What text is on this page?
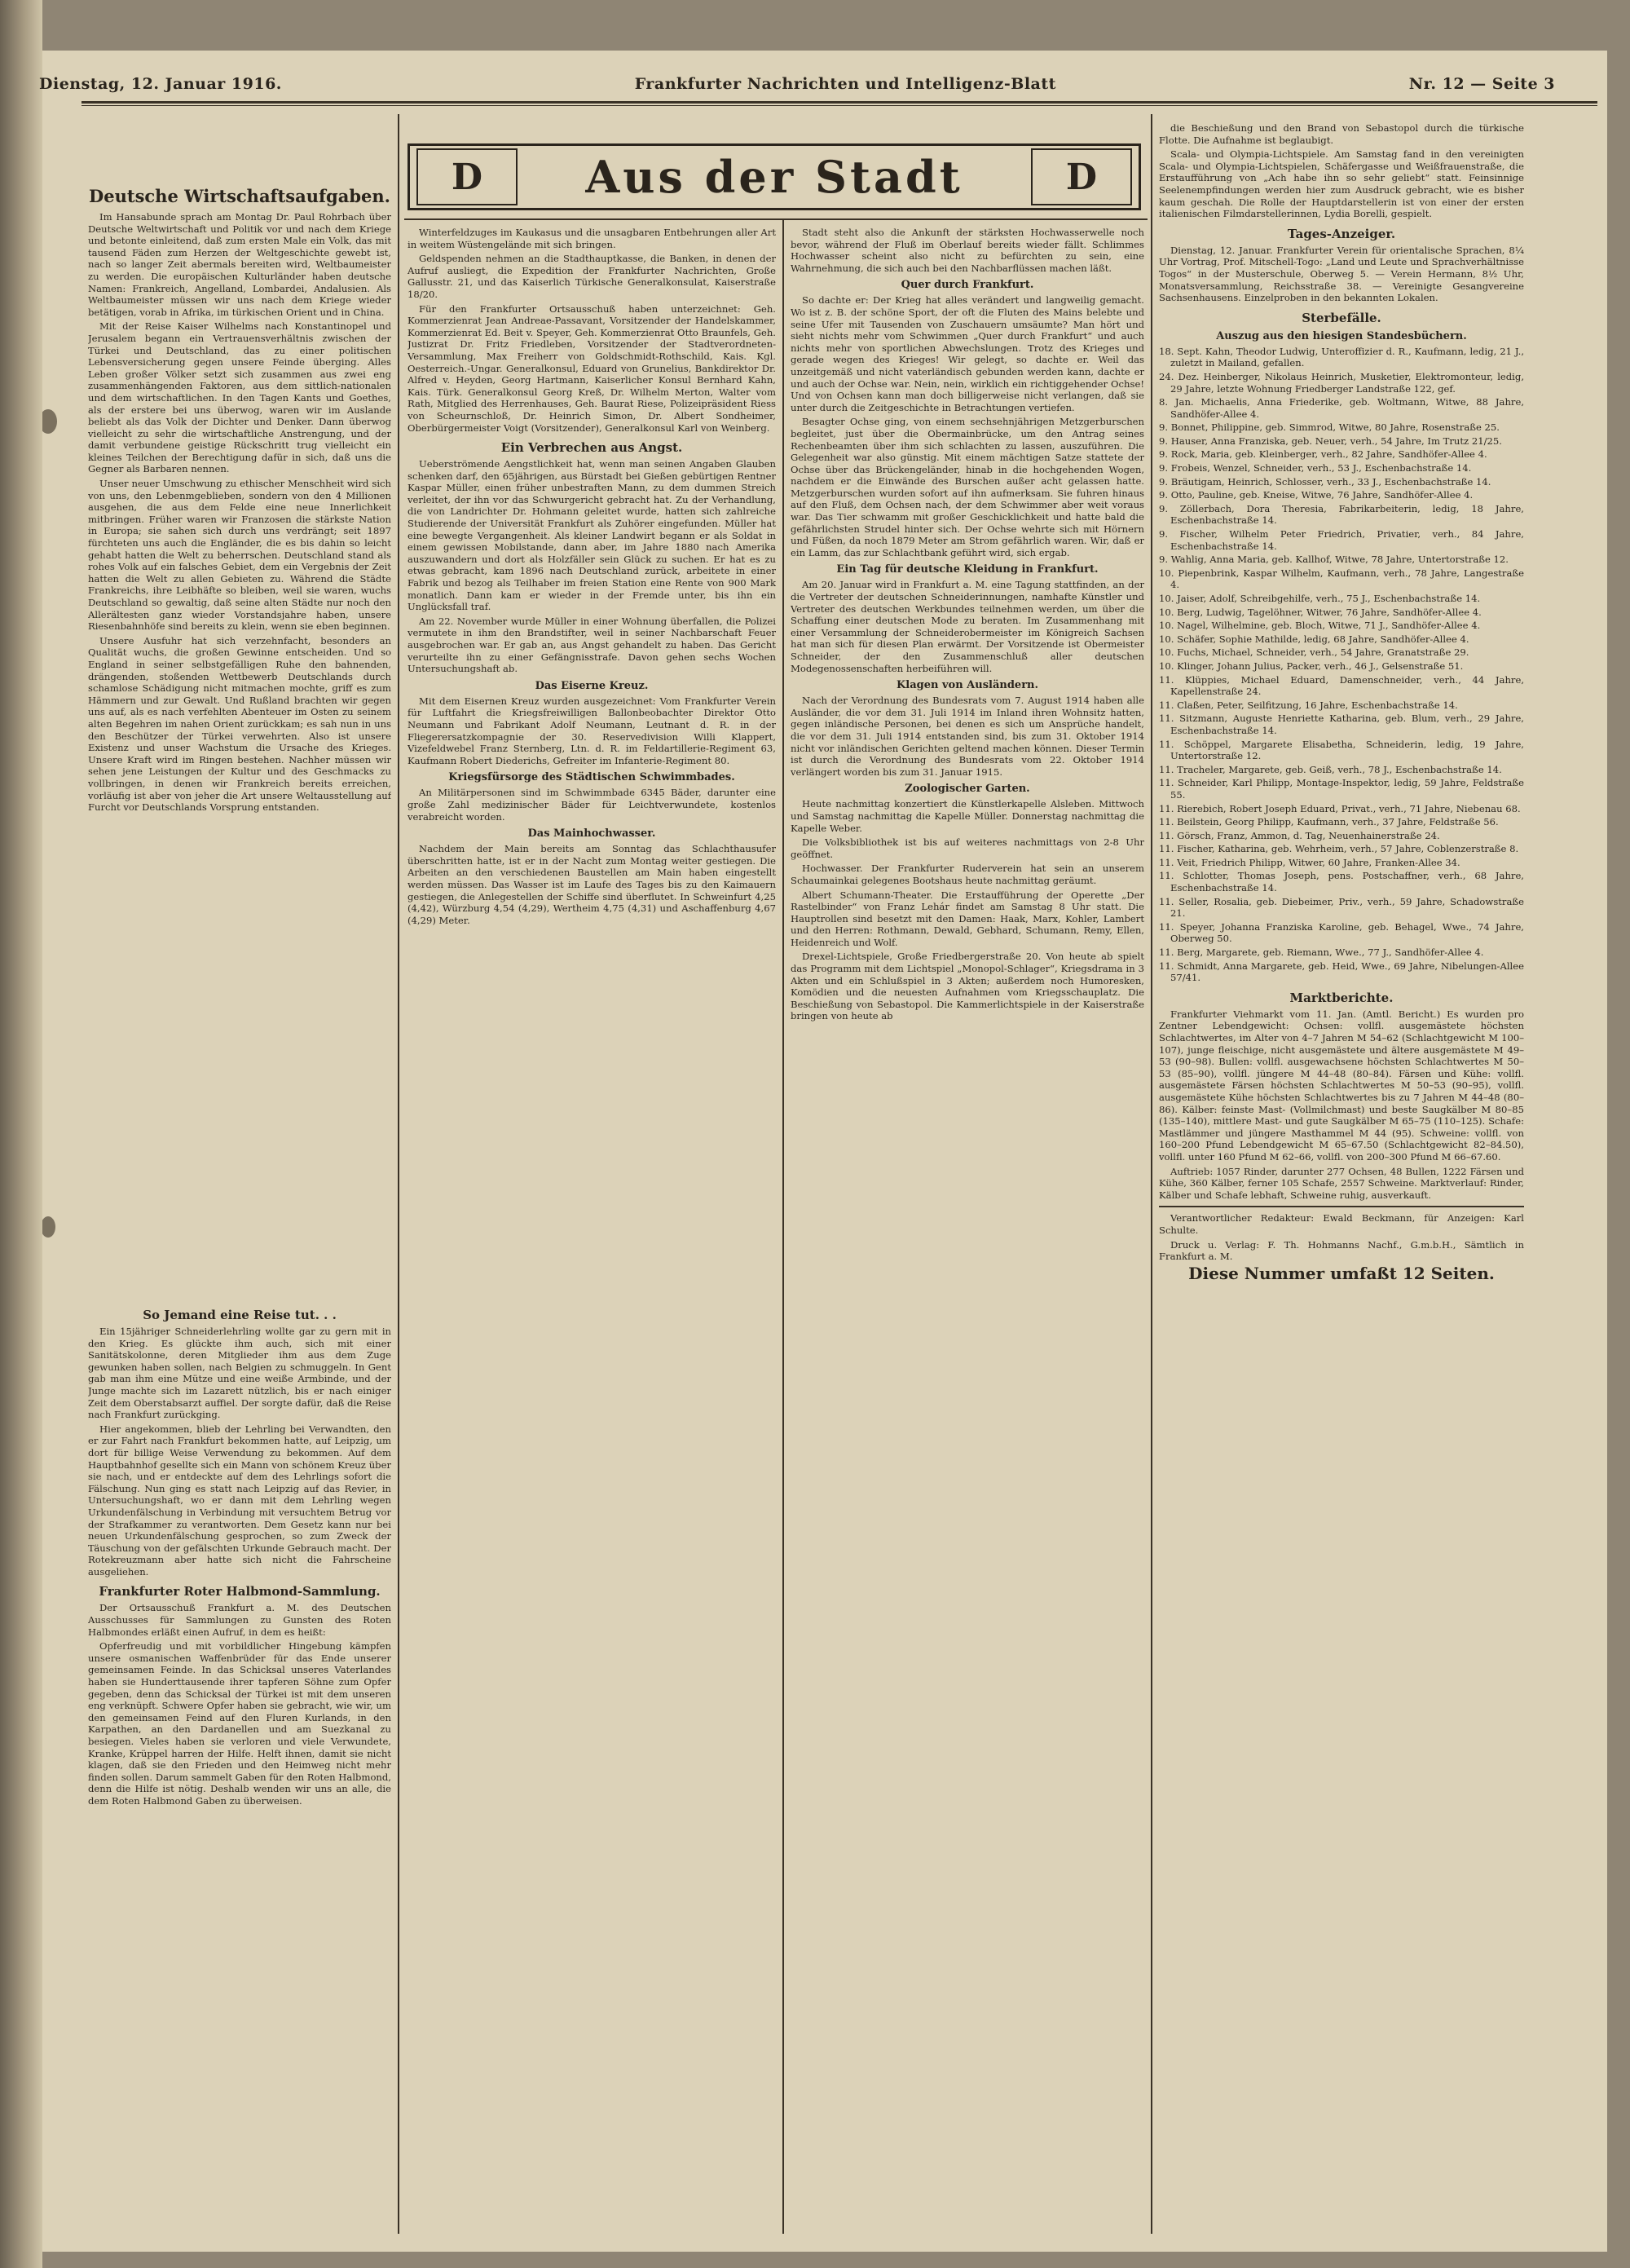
Dienstag, 12. Januar 1916.	Frankfurter Nachrichten und Intelligenz-Blatt	Nr. 12 — Seite 3
D	Aus der Stadt	D
Deutsche Wirtschaftsaufgaben.

Im Hansabunde sprach am Montag Dr. Paul Rohrbach über Deutsche Weltwirtschaft und Politik vor und nach dem Kriege und betonte einleitend, daß zum ersten Male ein Volk, das mit tausend Fäden zum Herzen der Weltgeschichte gewebt ist, nach so langer Zeit abermals bereiten wird, Weltbaumeister zu werden. Die europäischen Kulturländer haben deutsche Namen: Frankreich, Angelland, Lombardei, Andalusien. Als Weltbaumeister müssen wir uns nach dem Kriege wieder betätigen, vorab in Afrika, im türkischen Orient und in China.

Mit der Reise Kaiser Wilhelms nach Konstantinopel und Jerusalem begann ein Vertrauensverhältnis zwischen der Türkei und Deutschland, das zu einer politischen Lebensversicherung gegen unsere Feinde überging. Alles Leben großer Völker setzt sich zusammen aus zwei eng zusammenhängenden Faktoren, aus dem sittlich-nationalen und dem wirtschaftlichen. In den Tagen Kants und Goethes, als der erstere bei uns überwog, waren wir im Auslande beliebt als das Volk der Dichter und Denker. Dann überwog vielleicht zu sehr die wirtschaftliche Anstrengung, und der damit verbundene geistige Rückschritt trug vielleicht ein kleines Teilchen der Berechtigung dafür in sich, daß uns die Gegner als Barbaren nennen.

Unser neuer Umschwung zu ethischer Menschheit wird sich von uns, den Lebenmgeblieben, sondern von den 4 Millionen ausgehen, die aus dem Felde eine neue Innerlichkeit mitbringen. Früher waren wir Franzosen die stärkste Nation in Europa; sie sahen sich durch uns verdrängt; seit 1897 fürchteten uns auch die Engländer, die es bis dahin so leicht gehabt hatten die Welt zu beherrschen. Deutschland stand als rohes Volk auf ein falsches Gebiet, dem ein Vergebnis der Zeit hatten die Welt zu allen Gebieten zu. Während die Städte Frankreichs, ihre Leibhäfte so bleiben, weil sie waren, wuchs Deutschland so gewaltig, daß seine alten Städte nur noch den Allerältesten ganz wieder Vorstandsjahre haben, unsere Riesenbahnhöfe sind bereits zu klein, wenn sie eben beginnen.

Unsere Ausfuhr hat sich verzehnfacht, besonders an Qualität wuchs, die großen Gewinne entscheiden. Und so England in seiner selbstgefälligen Ruhe den bahnenden, drängenden, stoßenden Wettbewerb Deutschlands durch schamlose Schädigung nicht mitmachen mochte, griff es zum Hämmern und zur Gewalt. Und Rußland brachten wir gegen uns auf, als es nach verfehlten Abenteuer im Osten zu seinem alten Begehren im nahen Orient zurückkam; es sah nun in uns den Beschützer der Türkei verwehrten. Also ist unsere Existenz und unser Wachstum die Ursache des Krieges. Unsere Kraft wird im Ringen bestehen. Nachher müssen wir sehen jene Leistungen der Kultur und des Geschmacks zu vollbringen, in denen wir Frankreich bereits erreichen, vorläufig ist aber von jeher die Art unsere Weltausstellung auf Furcht vor Deutschlands Vorsprung entstanden.

So Jemand eine Reise tut. . .

Ein 15jähriger Schneiderlehrling wollte gar zu gern mit in den Krieg. Es glückte ihm auch, sich mit einer Sanitätskolonne, deren Mitglieder ihm aus dem Zuge gewunken haben sollen, nach Belgien zu schmuggeln. In Gent gab man ihm eine Mütze und eine weiße Armbinde, und der Junge machte sich im Lazarett nützlich, bis er nach einiger Zeit dem Oberstabsarzt auffiel. Der sorgte dafür, daß die Reise nach Frankfurt zurückging.

Hier angekommen, blieb der Lehrling bei Verwandten, den er zur Fahrt nach Frankfurt bekommen hatte, auf Leipzig, um dort für billige Weise Verwendung zu bekommen. Auf dem Hauptbahnhof gesellte sich ein Mann von schönem Kreuz über sie nach, und er entdeckte auf dem des Lehrlings sofort die Fälschung. Nun ging es statt nach Leipzig auf das Revier, in Untersuchungshaft, wo er dann mit dem Lehrling wegen Urkundenfälschung in Verbindung mit versuchtem Betrug vor der Strafkammer zu verantworten. Dem Gesetz kann nur bei neuen Urkundenfälschung gesprochen, so zum Zweck der Täuschung von der gefälschten Urkunde Gebrauch macht. Der Rotekreuzmann aber hatte sich nicht die Fahrscheine ausgeliehen.

Frankfurter Roter Halbmond-Sammlung.

Der Ortsausschuß Frankfurt a. M. des Deutschen Ausschusses für Sammlungen zu Gunsten des Roten Halbmondes erläßt einen Aufruf, in dem es heißt:

Opferfreudig und mit vorbildlicher Hingebung kämpfen unsere osmanischen Waffenbrüder für das Ende unserer gemeinsamen Feinde. In das Schicksal unseres Vaterlandes haben sie Hunderttausende ihrer tapferen Söhne zum Opfer gegeben, denn das Schicksal der Türkei ist mit dem unseren eng verknüpft. Schwere Opfer haben sie gebracht, wie wir, um den gemeinsamen Feind auf den Fluren Kurlands, in den Karpathen, an den Dardanellen und am Suezkanal zu besiegen. Vieles haben sie verloren und viele Verwundete, Kranke, Krüppel harren der Hilfe. Helft ihnen, damit sie nicht klagen, daß sie den Frieden und den Heimweg nicht mehr finden sollen. Darum sammelt Gaben für den Roten Halbmond, denn die Hilfe ist nötig. Deshalb wenden wir uns an alle, die dem Roten Halbmond Gaben zu überweisen.

Winterfeldzuges im Kaukasus und die unsagbaren Entbehrungen aller Art in weitem Wüstengelände mit sich bringen.

Geldspenden nehmen an die Stadthauptkasse, die Banken, in denen der Aufruf ausliegt, die Expedition der Frankfurter Nachrichten, Große Gallusstr. 21, und das Kaiserlich Türkische Generalkonsulat, Kaiserstraße 18/20.

Für den Frankfurter Ortsausschuß haben unterzeichnet: Geh. Kommerzienrat Jean Andreae-Passavant, Vorsitzender der Handelskammer, Kommerzienrat Ed. Beit v. Speyer, Geh. Kommerzienrat Otto Braunfels, Geh. Justizrat Dr. Fritz Friedleben, Vorsitzender der Stadtverordneten-Versammlung, Max Freiherr von Goldschmidt-Rothschild, Kais. Kgl. Oesterreich.-Ungar. Generalkonsul, Eduard von Grunelius, Bankdirektor Dr. Alfred v. Heyden, Georg Hartmann, Kaiserlicher Konsul Bernhard Kahn, Kais. Türk. Generalkonsul Georg Kreß, Dr. Wilhelm Merton, Walter vom Rath, Mitglied des Herrenhauses, Geh. Baurat Riese, Polizeipräsident Riess von Scheurnschloß, Dr. Heinrich Simon, Dr. Albert Sondheimer, Oberbürgermeister Voigt (Vorsitzender), Generalkonsul Karl von Weinberg.

Ein Verbrechen aus Angst.

Ueberströmende Aengstlichkeit hat, wenn man seinen Angaben Glauben schenken darf, den 65jährigen, aus Bürstadt bei Gießen gebürtigen Rentner Kaspar Müller, einen früher unbestraften Mann, zu dem dummen Streich verleitet, der ihn vor das Schwurgericht gebracht hat. Zu der Verhandlung, die von Landrichter Dr. Hohmann geleitet wurde, hatten sich zahlreiche Studierende der Universität Frankfurt als Zuhörer eingefunden. Müller hat eine bewegte Vergangenheit. Als kleiner Landwirt begann er als Soldat in einem gewissen Mobilstande, dann aber, im Jahre 1880 nach Amerika auszuwandern und dort als Holzfäller sein Glück zu suchen. Er hat es zu etwas gebracht, kam 1896 nach Deutschland zurück, arbeitete in einer Fabrik und bezog als Teilhaber im freien Station eine Rente von 900 Mark monatlich. Dann kam er wieder in der Fremde unter, bis ihn ein Unglücksfall traf.

Am 22. November wurde Müller in einer Wohnung überfallen, die Polizei vermutete in ihm den Brandstifter, weil in seiner Nachbarschaft Feuer ausgebrochen war. Er gab an, aus Angst gehandelt zu haben. Das Gericht verurteilte ihn zu einer Gefängnisstrafe. Davon gehen sechs Wochen Untersuchungshaft ab.

Das Eiserne Kreuz.

Mit dem Eisernen Kreuz wurden ausgezeichnet: Vom Frankfurter Verein für Luftfahrt die Kriegsfreiwilligen Ballonbeobachter Direktor Otto Neumann und Fabrikant Adolf Neumann, Leutnant d. R. in der Fliegerersatzkompagnie der 30. Reservedivision Willi Klappert, Vizefeldwebel Franz Sternberg, Ltn. d. R. im Feldartillerie-Regiment 63, Kaufmann Robert Diederichs, Gefreiter im Infanterie-Regiment 80.

Kriegsfürsorge des Städtischen Schwimmbades.

An Militärpersonen sind im Schwimmbade 6345 Bäder, darunter eine große Zahl medizinischer Bäder für Leichtverwundete, kostenlos verabreicht worden.

Das Mainhochwasser.

Nachdem der Main bereits am Sonntag das Schlachthausufer überschritten hatte, ist er in der Nacht zum Montag weiter gestiegen. Die Arbeiten an den verschiedenen Baustellen am Main haben eingestellt werden müssen. Das Wasser ist im Laufe des Tages bis zu den Kaimauern gestiegen, die Anlegestellen der Schiffe sind überflutet. In Schweinfurt 4,25 (4,42), Würzburg 4,54 (4,29), Wertheim 4,75 (4,31) und Aschaffenburg 4,67 (4,29) Meter.

Stadt steht also die Ankunft der stärksten Hochwasserwelle noch bevor, während der Fluß im Oberlauf bereits wieder fällt. Schlimmes Hochwasser scheint also nicht zu befürchten zu sein, eine Wahrnehmung, die sich auch bei den Nachbarflüssen machen läßt.

Quer durch Frankfurt.

So dachte er: Der Krieg hat alles verändert und langweilig gemacht. Wo ist z. B. der schöne Sport, der oft die Fluten des Mains belebte und seine Ufer mit Tausenden von Zuschauern umsäumte? Man hört und sieht nichts mehr vom Schwimmen „Quer durch Frankfurt“ und auch nichts mehr von sportlichen Abwechslungen. Trotz des Krieges und gerade wegen des Krieges! Wir gelegt, so dachte er. Weil das unzeitgemäß und nicht vaterländisch gebunden werden kann, dachte er und auch der Ochse war. Nein, nein, wirklich ein richtiggehender Ochse! Und von Ochsen kann man doch billigerweise nicht verlangen, daß sie unter durch die Zeitgeschichte in Betrachtungen vertiefen.

Besagter Ochse ging, von einem sechsehnjährigen Metzgerburschen begleitet, just über die Obermainbrücke, um den Antrag seines Rechenbeamten über ihm sich schlachten zu lassen, auszuführen. Die Gelegenheit war also günstig. Mit einem mächtigen Satze stattete der Ochse über das Brückengeländer, hinab in die hochgehenden Wogen, nachdem er die Einwände des Burschen außer acht gelassen hatte. Metzgerburschen wurden sofort auf ihn aufmerksam. Sie fuhren hinaus auf den Fluß, dem Ochsen nach, der dem Schwimmer aber weit voraus war. Das Tier schwamm mit großer Geschicklichkeit und hatte bald die gefährlichsten Strudel hinter sich. Der Ochse wehrte sich mit Hörnern und Füßen, da noch 1879 Meter am Strom gefährlich waren. Wir, daß er ein Lamm, das zur Schlachtbank geführt wird, sich ergab.

Ein Tag für deutsche Kleidung in Frankfurt.

Am 20. Januar wird in Frankfurt a. M. eine Tagung stattfinden, an der die Vertreter der deutschen Schneiderinnungen, namhafte Künstler und Vertreter des deutschen Werkbundes teilnehmen werden, um über die Schaffung einer deutschen Mode zu beraten. Im Zusammenhang mit einer Versammlung der Schneiderobermeister im Königreich Sachsen hat man sich für diesen Plan erwärmt. Der Vorsitzende ist Obermeister Schneider, der den Zusammenschluß aller deutschen Modegenossenschaften herbeiführen will.

Klagen von Ausländern.

Nach der Verordnung des Bundesrats vom 7. August 1914 haben alle Ausländer, die vor dem 31. Juli 1914 im Inland ihren Wohnsitz hatten, gegen inländische Personen, bei denen es sich um Ansprüche handelt, die vor dem 31. Juli 1914 entstanden sind, bis zum 31. Oktober 1914 nicht vor inländischen Gerichten geltend machen können. Dieser Termin ist durch die Verordnung des Bundesrats vom 22. Oktober 1914 verlängert worden bis zum 31. Januar 1915.

Zoologischer Garten.

Heute nachmittag konzertiert die Künstlerkapelle Alsleben. Mittwoch und Samstag nachmittag die Kapelle Müller. Donnerstag nachmittag die Kapelle Weber.

Die Volksbibliothek ist bis auf weiteres nachmittags von 2-8 Uhr geöffnet.

Hochwasser. Der Frankfurter Ruderverein hat sein an unserem Schaumainkai gelegenes Bootshaus heute nachmittag geräumt.

Albert Schumann-Theater. Die Erstaufführung der Operette „Der Rastelbinder“ von Franz Lehár findet am Samstag 8 Uhr statt. Die Hauptrollen sind besetzt mit den Damen: Haak, Marx, Kohler, Lambert und den Herren: Rothmann, Dewald, Gebhard, Schumann, Remy, Ellen, Heidenreich und Wolf.

Drexel-Lichtspiele, Große Friedbergerstraße 20. Von heute ab spielt das Programm mit dem Lichtspiel „Monopol-Schlager“, Kriegsdrama in 3 Akten und ein Schlußspiel in 3 Akten; außerdem noch Humoresken, Komödien und die neuesten Aufnahmen vom Kriegsschauplatz. Die Beschießung von Sebastopol. Die Kammerlichtspiele in der Kaiserstraße bringen von heute ab

die Beschießung und den Brand von Sebastopol durch die türkische Flotte. Die Aufnahme ist beglaubigt.

Scala- und Olympia-Lichtspiele. Am Samstag fand in den vereinigten Scala- und Olympia-Lichtspielen, Schäfergasse und Weißfrauenstraße, die Erstaufführung von „Ach habe ihn so sehr geliebt“ statt. Feinsinnige Seelenempfindungen werden hier zum Ausdruck gebracht, wie es bisher kaum geschah. Die Rolle der Hauptdarstellerin ist von einer der ersten italienischen Filmdarstellerinnen, Lydia Borelli, gespielt.

Tages-Anzeiger.

Dienstag, 12. Januar. Frankfurter Verein für orientalische Sprachen, 8¼ Uhr Vortrag, Prof. Mitschell-Togo: „Land und Leute und Sprachverhältnisse Togos“ in der Musterschule, Oberweg 5. — Verein Hermann, 8½ Uhr, Monatsversammlung, Reichsstraße 38. — Vereinigte Gesangvereine Sachsenhausens. Einzelproben in den bekannten Lokalen.

Sterbefälle.
Auszug aus den hiesigen Standesbüchern.
18. Sept. Kahn, Theodor Ludwig, Unteroffizier d. R., Kaufmann, ledig, 21 J., zuletzt in Mailand, gefallen.
24. Dez. Heinberger, Nikolaus Heinrich, Musketier, Elektromonteur, ledig, 29 Jahre, letzte Wohnung Friedberger Landstraße 122, gef.
8. Jan. Michaelis, Anna Friederike, geb. Woltmann, Witwe, 88 Jahre, Sandhöfer-Allee 4.
9. Bonnet, Philippine, geb. Simmrod, Witwe, 80 Jahre, Rosenstraße 25.
9. Hauser, Anna Franziska, geb. Neuer, verh., 54 Jahre, Im Trutz 21/25.
9. Rock, Maria, geb. Kleinberger, verh., 82 Jahre, Sandhöfer-Allee 4.
9. Frobeis, Wenzel, Schneider, verh., 53 J., Eschenbachstraße 14.
9. Bräutigam, Heinrich, Schlosser, verh., 33 J., Eschenbachstraße 14.
9. Otto, Pauline, geb. Kneise, Witwe, 76 Jahre, Sandhöfer-Allee 4.
9. Zöllerbach, Dora Theresia, Fabrikarbeiterin, ledig, 18 Jahre, Eschenbachstraße 14.
9. Fischer, Wilhelm Peter Friedrich, Privatier, verh., 84 Jahre, Eschenbachstraße 14.
9. Wahlig, Anna Maria, geb. Kallhof, Witwe, 78 Jahre, Untertorstraße 12.
10. Piepenbrink, Kaspar Wilhelm, Kaufmann, verh., 78 Jahre, Langestraße 4.
10. Jaiser, Adolf, Schreibgehilfe, verh., 75 J., Eschenbachstraße 14.
10. Berg, Ludwig, Tagelöhner, Witwer, 76 Jahre, Sandhöfer-Allee 4.
10. Nagel, Wilhelmine, geb. Bloch, Witwe, 71 J., Sandhöfer-Allee 4.
10. Schäfer, Sophie Mathilde, ledig, 68 Jahre, Sandhöfer-Allee 4.
10. Fuchs, Michael, Schneider, verh., 54 Jahre, Granatstraße 29.
10. Klinger, Johann Julius, Packer, verh., 46 J., Gelsenstraße 51.
11. Klüppies, Michael Eduard, Damenschneider, verh., 44 Jahre, Kapellenstraße 24.
11. Claßen, Peter, Seilfitzung, 16 Jahre, Eschenbachstraße 14.
11. Sitzmann, Auguste Henriette Katharina, geb. Blum, verh., 29 Jahre, Eschenbachstraße 14.
11. Schöppel, Margarete Elisabetha, Schneiderin, ledig, 19 Jahre, Untertorstraße 12.
11. Tracheler, Margarete, geb. Geiß, verh., 78 J., Eschenbachstraße 14.
11. Schneider, Karl Philipp, Montage-Inspektor, ledig, 59 Jahre, Feldstraße 55.
11. Rierebich, Robert Joseph Eduard, Privat., verh., 71 Jahre, Niebenau 68.
11. Beilstein, Georg Philipp, Kaufmann, verh., 37 Jahre, Feldstraße 56.
11. Görsch, Franz, Ammon, d. Tag, Neuenhainerstraße 24.
11. Fischer, Katharina, geb. Wehrheim, verh., 57 Jahre, Coblenzerstraße 8.
11. Veit, Friedrich Philipp, Witwer, 60 Jahre, Franken-Allee 34.
11. Schlotter, Thomas Joseph, pens. Postschaffner, verh., 68 Jahre, Eschenbachstraße 14.
11. Seller, Rosalia, geb. Diebeimer, Priv., verh., 59 Jahre, Schadowstraße 21.
11. Speyer, Johanna Franziska Karoline, geb. Behagel, Wwe., 74 Jahre, Oberweg 50.
11. Berg, Margarete, geb. Riemann, Wwe., 77 J., Sandhöfer-Allee 4.
11. Schmidt, Anna Margarete, geb. Heid, Wwe., 69 Jahre, Nibelungen-Allee 57/41.
Marktberichte.

Frankfurter Viehmarkt vom 11. Jan. (Amtl. Bericht.) Es wurden pro Zentner Lebendgewicht: Ochsen: vollfl. ausgemästete höchsten Schlachtwertes, im Alter von 4–7 Jahren M 54–62 (Schlachtgewicht M 100–107), junge fleischige, nicht ausgemästete und ältere ausgemästete M 49–53 (90–98). Bullen: vollfl. ausgewachsene höchsten Schlachtwertes M 50–53 (85–90), vollfl. jüngere M 44–48 (80–84). Färsen und Kühe: vollfl. ausgemästete Färsen höchsten Schlachtwertes M 50–53 (90–95), vollfl. ausgemästete Kühe höchsten Schlachtwertes bis zu 7 Jahren M 44–48 (80–86). Kälber: feinste Mast- (Vollmilchmast) und beste Saugkälber M 80–85 (135–140), mittlere Mast- und gute Saugkälber M 65–75 (110–125). Schafe: Mastlämmer und jüngere Masthammel M 44 (95). Schweine: vollfl. von 160–200 Pfund Lebendgewicht M 65–67.50 (Schlachtgewicht 82–84.50), vollfl. unter 160 Pfund M 62–66, vollfl. von 200–300 Pfund M 66–67.60.

Auftrieb: 1057 Rinder, darunter 277 Ochsen, 48 Bullen, 1222 Färsen und Kühe, 360 Kälber, ferner 105 Schafe, 2557 Schweine. Marktverlauf: Rinder, Kälber und Schafe lebhaft, Schweine ruhig, ausverkauft.

Verantwortlicher Redakteur: Ewald Beckmann, für Anzeigen: Karl Schulte.

Druck u. Verlag: F. Th. Hohmanns Nachf., G.m.b.H., Sämtlich in Frankfurt a. M.

Diese Nummer umfaßt 12 Seiten.
